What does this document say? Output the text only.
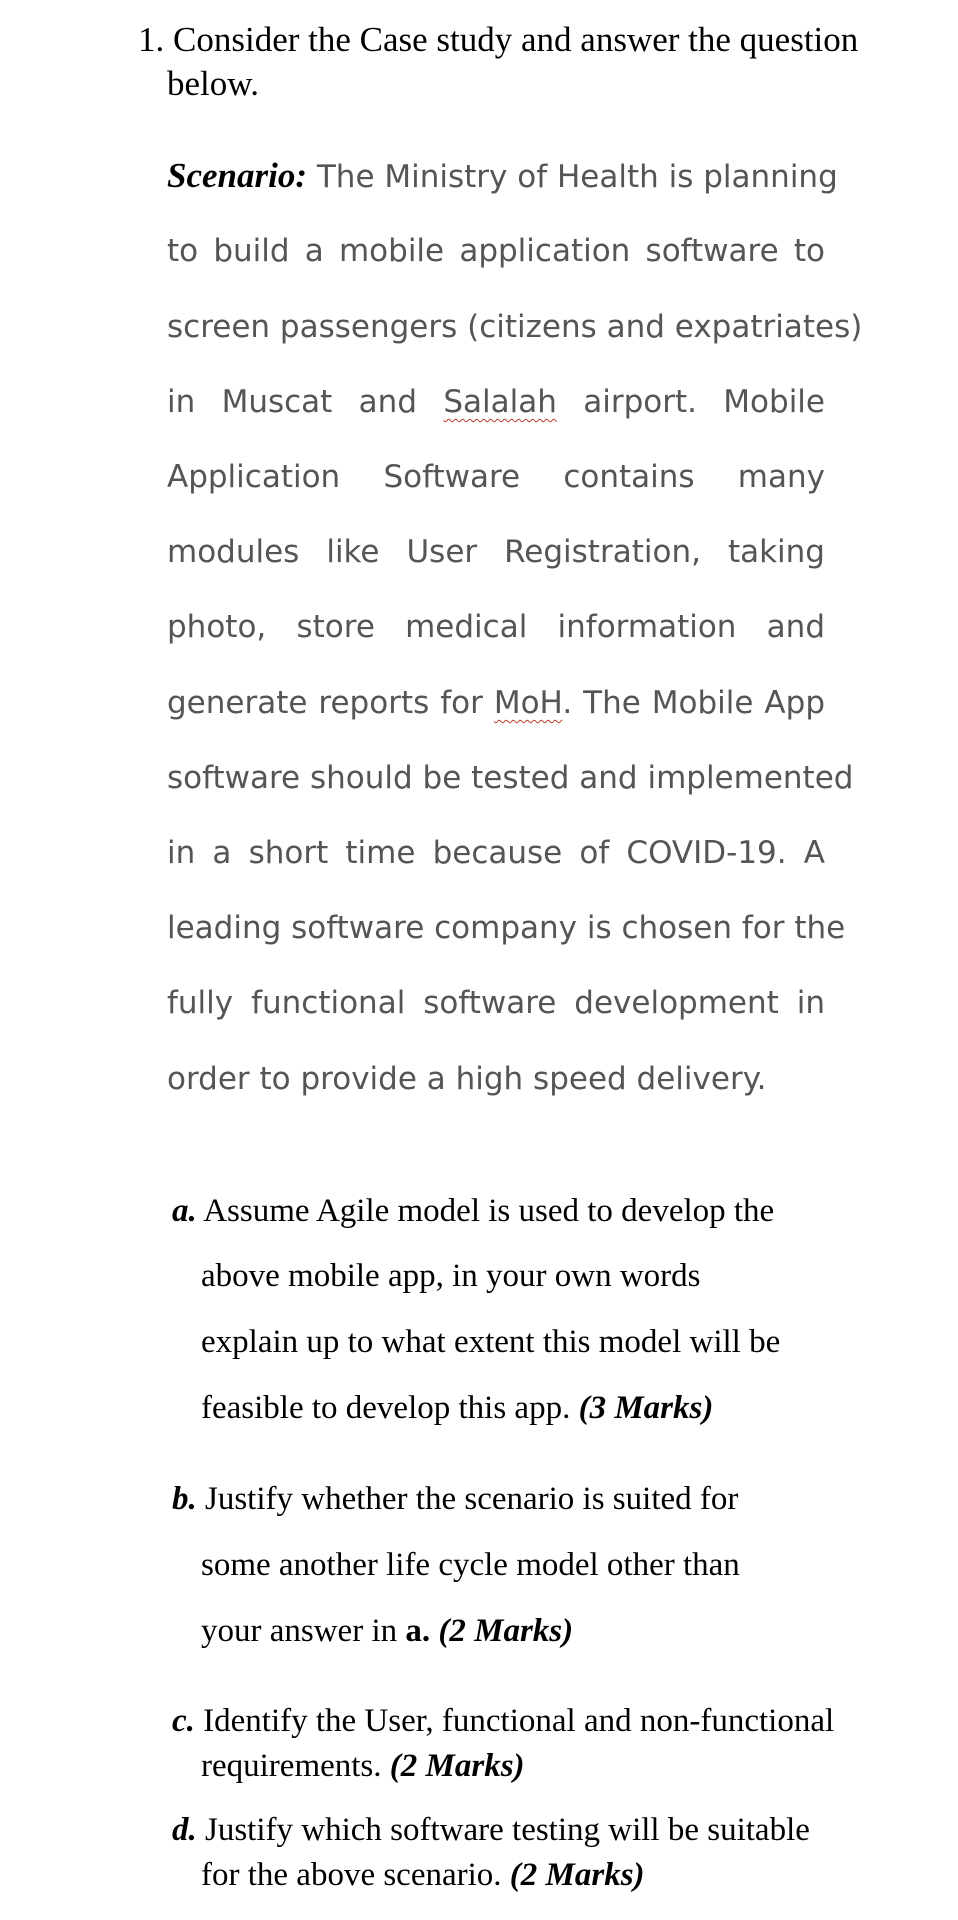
1. Consider the Case study and answer the question
below.
Scenario: The Ministry of Health is planning
to build a mobile application software to
screen passengers (citizens and expatriates)
in Muscat and Salalah airport. Mobile
Application Software contains many
modules like User Registration, taking
photo, store medical information and
generate reports for MoH. The Mobile App
software should be tested and implemented
in a short time because of COVID-19. A
leading software company is chosen for the
fully functional software development in
order to provide a high speed delivery.
a. Assume Agile model is used to develop the
above mobile app, in your own words
explain up to what extent this model will be
feasible to develop this app. (3 Marks)
b. Justify whether the scenario is suited for
some another life cycle model other than
your answer in a. (2 Marks)
c. Identify the User, functional and non-functional
requirements. (2 Marks)
d. Justify which software testing will be suitable
for the above scenario. (2 Marks)
